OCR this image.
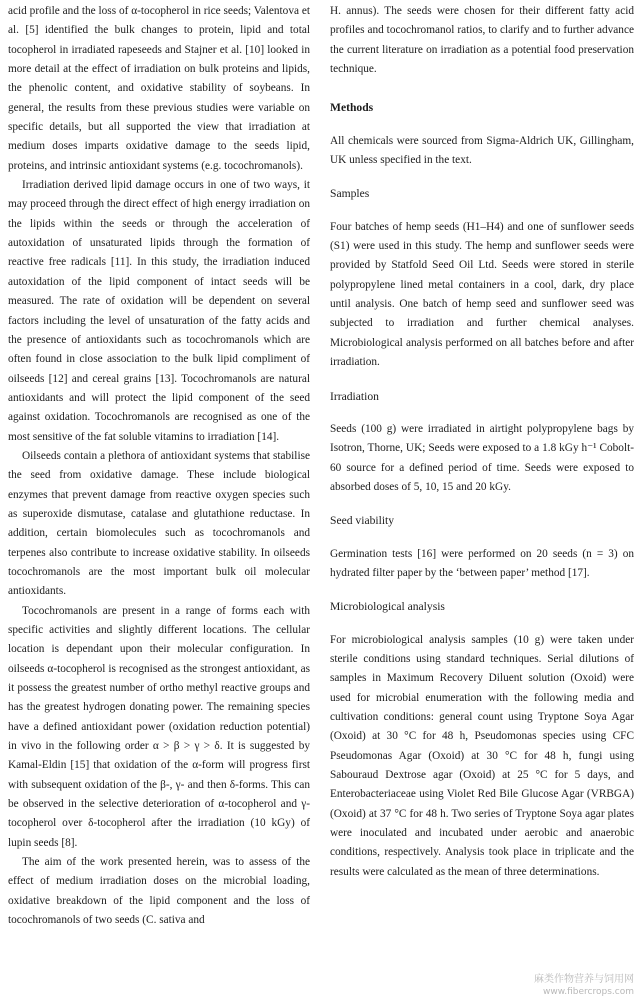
acid profile and the loss of α-tocopherol in rice seeds; Valentova et al. [5] identified the bulk changes to protein, lipid and total tocopherol in irradiated rapeseeds and Stajner et al. [10] looked in more detail at the effect of irradiation on bulk proteins and lipids, the phenolic content, and oxidative stability of soybeans. In general, the results from these previous studies were variable on specific details, but all supported the view that irradiation at medium doses imparts oxidative damage to the seeds lipid, proteins, and intrinsic antioxidant systems (e.g. tocochromanols).

Irradiation derived lipid damage occurs in one of two ways, it may proceed through the direct effect of high energy irradiation on the lipids within the seeds or through the acceleration of autoxidation of unsaturated lipids through the formation of reactive free radicals [11]. In this study, the irradiation induced autoxidation of the lipid component of intact seeds will be measured. The rate of oxidation will be dependent on several factors including the level of unsaturation of the fatty acids and the presence of antioxidants such as tocochromanols which are often found in close association to the bulk lipid compliment of oilseeds [12] and cereal grains [13]. Tocochromanols are natural antioxidants and will protect the lipid component of the seed against oxidation. Tocochromanols are recognised as one of the most sensitive of the fat soluble vitamins to irradiation [14].

Oilseeds contain a plethora of antioxidant systems that stabilise the seed from oxidative damage. These include biological enzymes that prevent damage from reactive oxygen species such as superoxide dismutase, catalase and glutathione reductase. In addition, certain biomolecules such as tocochromanols and terpenes also contribute to increase oxidative stability. In oilseeds tocochromanols are the most important bulk oil molecular antioxidants.

Tocochromanols are present in a range of forms each with specific activities and slightly different locations. The cellular location is dependant upon their molecular configuration. In oilseeds α-tocopherol is recognised as the strongest antioxidant, as it possess the greatest number of ortho methyl reactive groups and has the greatest hydrogen donating power. The remaining species have a defined antioxidant power (oxidation reduction potential) in vivo in the following order α > β > γ > δ. It is suggested by Kamal-Eldin [15] that oxidation of the α-form will progress first with subsequent oxidation of the β-, γ- and then δ-forms. This can be observed in the selective deterioration of α-tocopherol and γ-tocopherol over δ-tocopherol after the irradiation (10 kGy) of lupin seeds [8].

The aim of the work presented herein, was to assess of the effect of medium irradiation doses on the microbial loading, oxidative breakdown of the lipid component and the loss of tocochromanols of two seeds (C. sativa and

H. annus). The seeds were chosen for their different fatty acid profiles and tocochromanol ratios, to clarify and to further advance the current literature on irradiation as a potential food preservation technique.

Methods

All chemicals were sourced from Sigma-Aldrich UK, Gillingham, UK unless specified in the text.

Samples

Four batches of hemp seeds (H1–H4) and one of sunflower seeds (S1) were used in this study. The hemp and sunflower seeds were provided by Statfold Seed Oil Ltd. Seeds were stored in sterile polypropylene lined metal containers in a cool, dark, dry place until analysis. One batch of hemp seed and sunflower seed was subjected to irradiation and further chemical analyses. Microbiological analysis performed on all batches before and after irradiation.

Irradiation

Seeds (100 g) were irradiated in airtight polypropylene bags by Isotron, Thorne, UK; Seeds were exposed to a 1.8 kGy h⁻¹ Cobolt-60 source for a defined period of time. Seeds were exposed to absorbed doses of 5, 10, 15 and 20 kGy.

Seed viability

Germination tests [16] were performed on 20 seeds (n = 3) on hydrated filter paper by the ‘between paper’ method [17].

Microbiological analysis

For microbiological analysis samples (10 g) were taken under sterile conditions using standard techniques. Serial dilutions of samples in Maximum Recovery Diluent solution (Oxoid) were used for microbial enumeration with the following media and cultivation conditions: general count using Tryptone Soya Agar (Oxoid) at 30 °C for 48 h, Pseudomonas species using CFC Pseudomonas Agar (Oxoid) at 30 °C for 48 h, fungi using Sabouraud Dextrose agar (Oxoid) at 25 °C for 5 days, and Enterobacteriaceae using Violet Red Bile Glucose Agar (VRBGA) (Oxoid) at 37 °C for 48 h. Two series of Tryptone Soya agar plates were inoculated and incubated under aerobic and anaerobic conditions, respectively. Analysis took place in triplicate and the results were calculated as the mean of three determinations.

麻类作物营养与饲用网
www.fibercrops.com
